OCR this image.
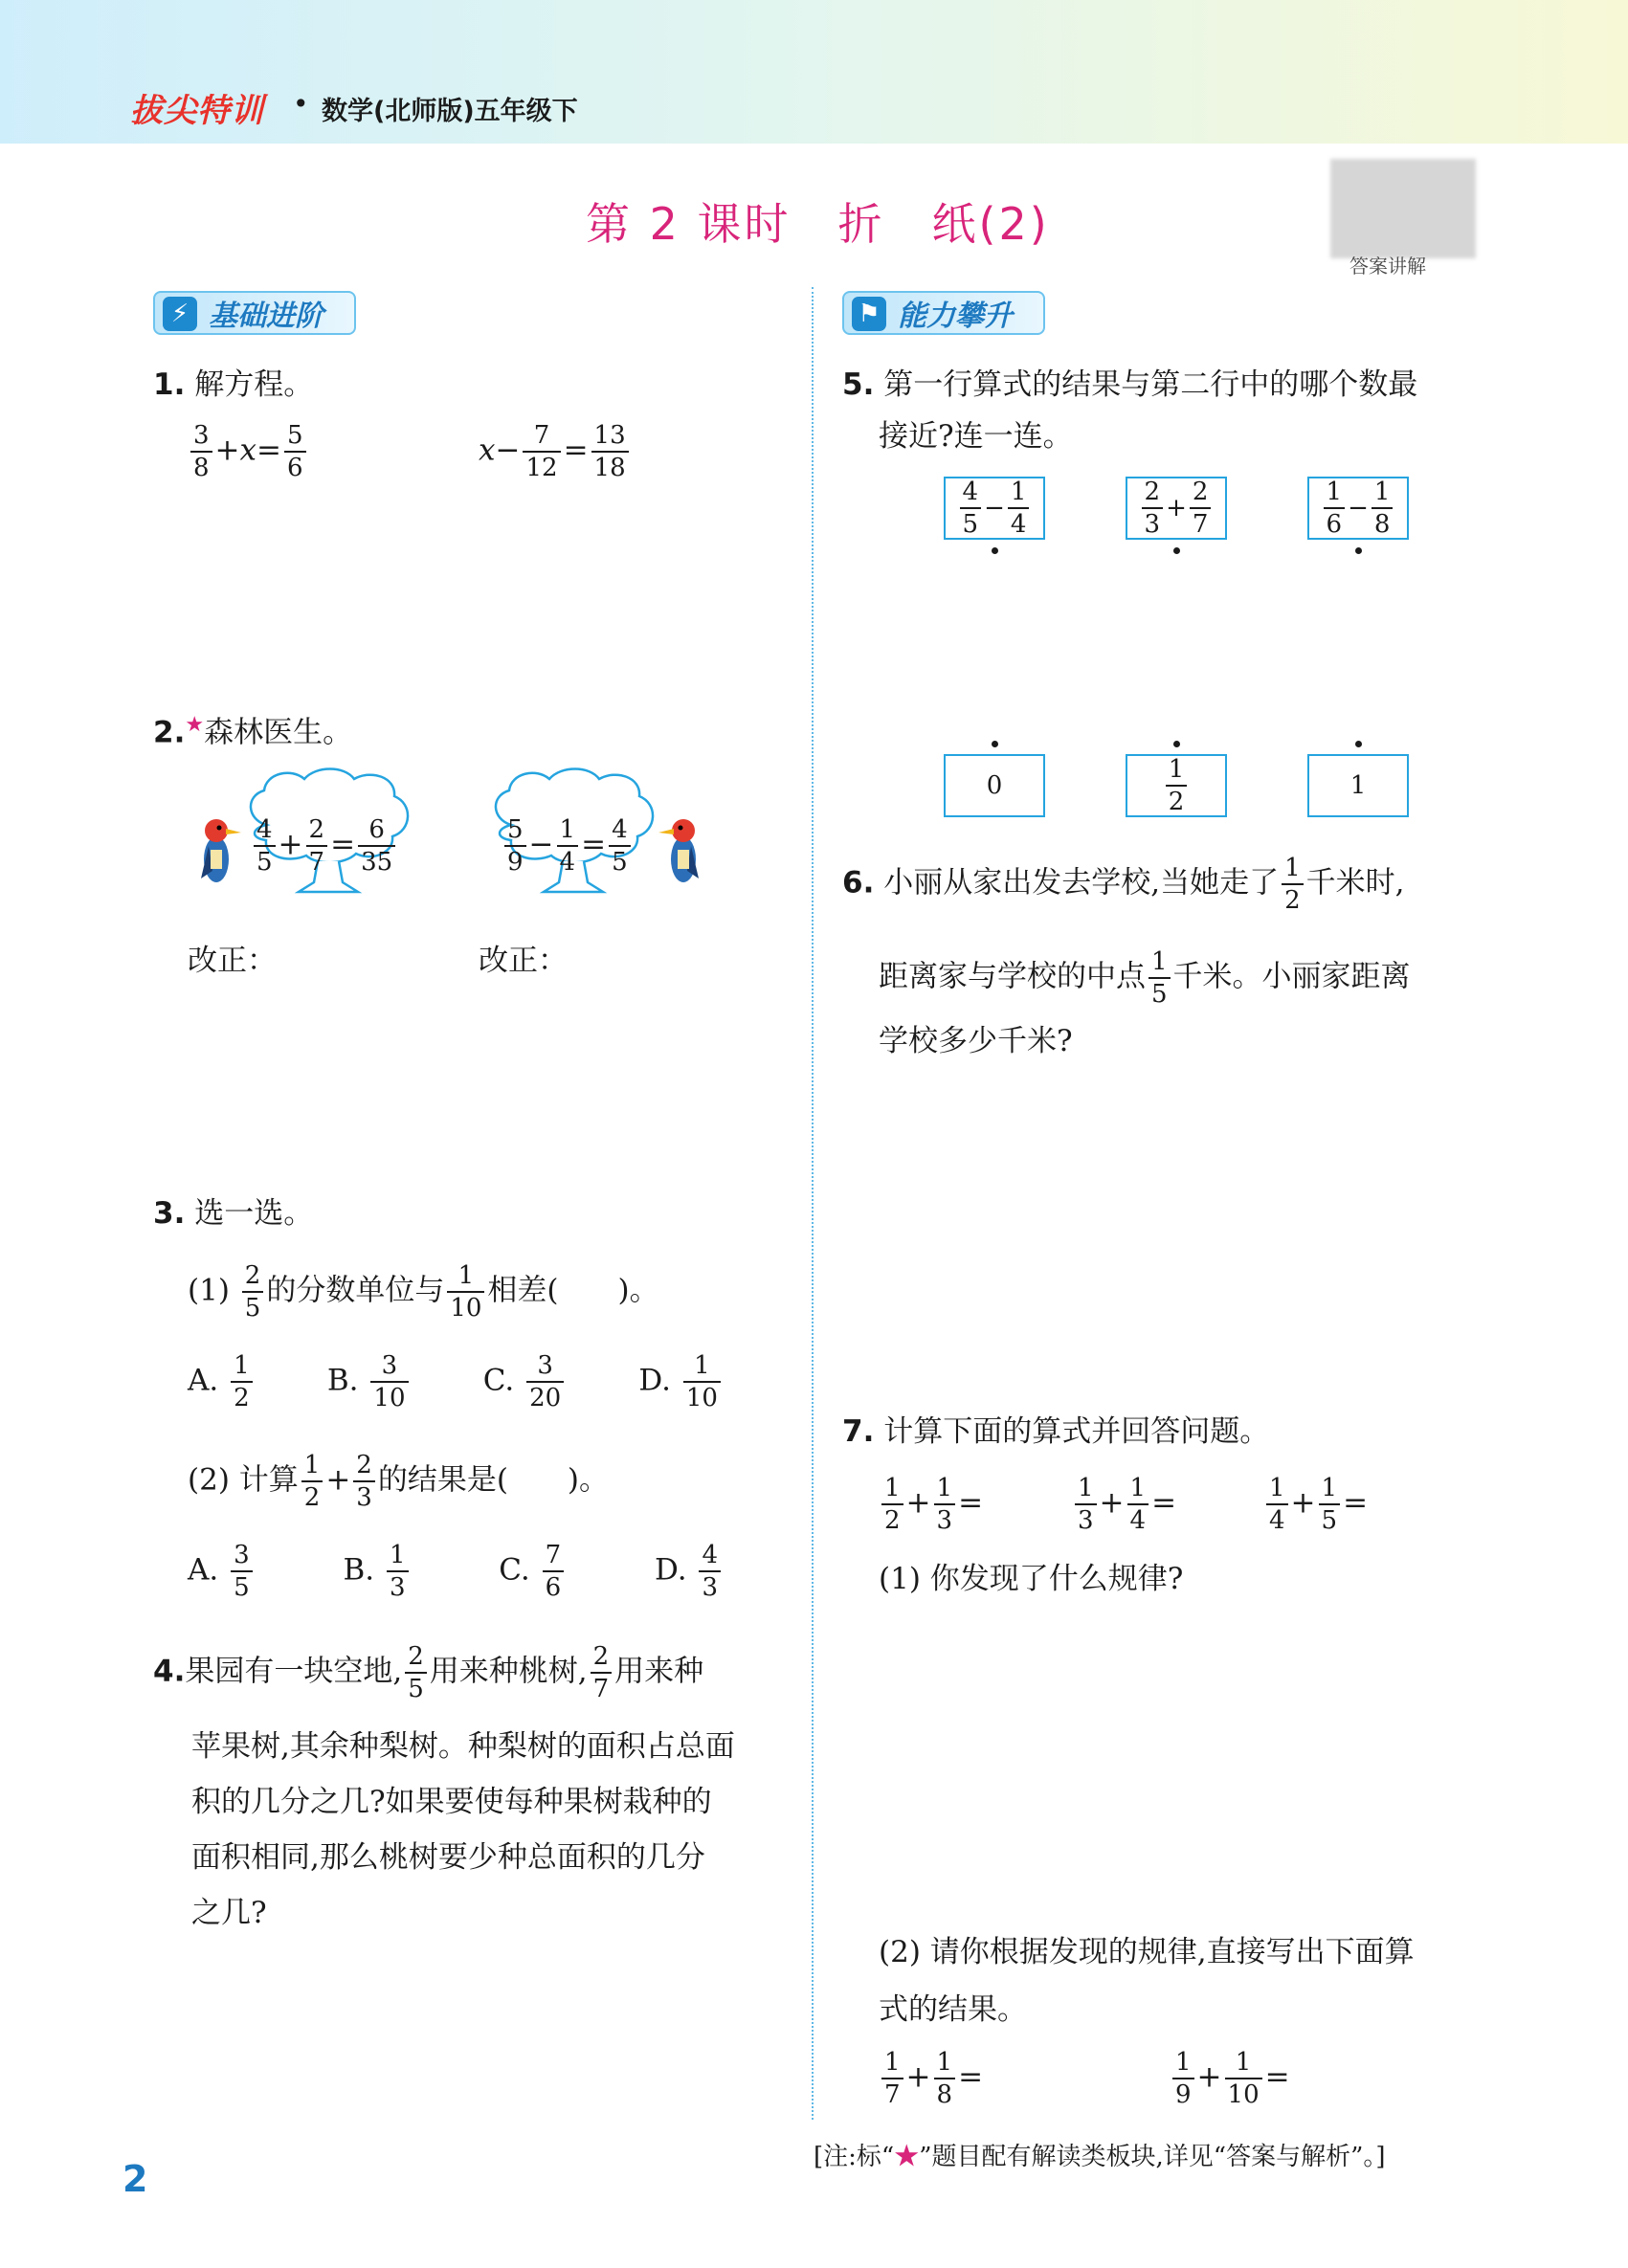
拔尖特训 • 数学(北师版)五年级下
第 2 课时　折　纸(2)
答案讲解
⚡ 基础进阶	⚑ 能力攀升
1. 解方程。
$\frac{3}{8} +x= \frac{5}{6}$	$x- \frac{7}{12} = \frac{13}{18}$
2.★森林医生。
$\frac{4}{5} + \frac{2}{7} = \frac{6}{35}$	$\frac{5}{9} - \frac{1}{4} = \frac{4}{5}$
改正：	改正：
3. 选一选。
$(1) \frac{2}{5}$ 的分数单位与 $\frac{1}{10}$ 相差(　　)。
A. $\frac{1}{2}$	B. $\frac{3}{10}$	C. $\frac{3}{20}$	D. $\frac{1}{10}$
(2) 计算 $\frac{1}{2} + \frac{2}{3}$ 的结果是(　　)。
A. $\frac{3}{5}$	B. $\frac{1}{3}$	C. $\frac{7}{6}$	D. $\frac{4}{3}$
4.果园有一块空地, $\frac{2}{5}$ 用来种桃树, $\frac{2}{7}$ 用来种
苹果树,其余种梨树。种梨树的面积占总面
积的几分之几?如果要使每种果树栽种的
面积相同,那么桃树要少种总面积的几分
之几?
5. 第一行算式的结果与第二行中的哪个数最
接近?连一连。
$\frac{4}{5} - \frac{1}{4}$	$\frac{2}{3} + \frac{2}{7}$	$\frac{1}{6} - \frac{1}{8}$
0	$\frac{1}{2}$	1
6. 小丽从家出发去学校,当她走了 $\frac{1}{2}$ 千米时,
距离家与学校的中点 $\frac{1}{5}$ 千米。小丽家距离
学校多少千米?
7. 计算下面的算式并回答问题。
$\frac{1}{2} + \frac{1}{3}$ =	$\frac{1}{3} + \frac{1}{4}$ =	$\frac{1}{4} + \frac{1}{5}$ =
(1) 你发现了什么规律?
(2) 请你根据发现的规律,直接写出下面算
式的结果。
$\frac{1}{7} + \frac{1}{8}$ =	$\frac{1}{9} + \frac{1}{10}$ =
[注:标“★”题目配有解读类板块,详见“答案与解析”。]
2
